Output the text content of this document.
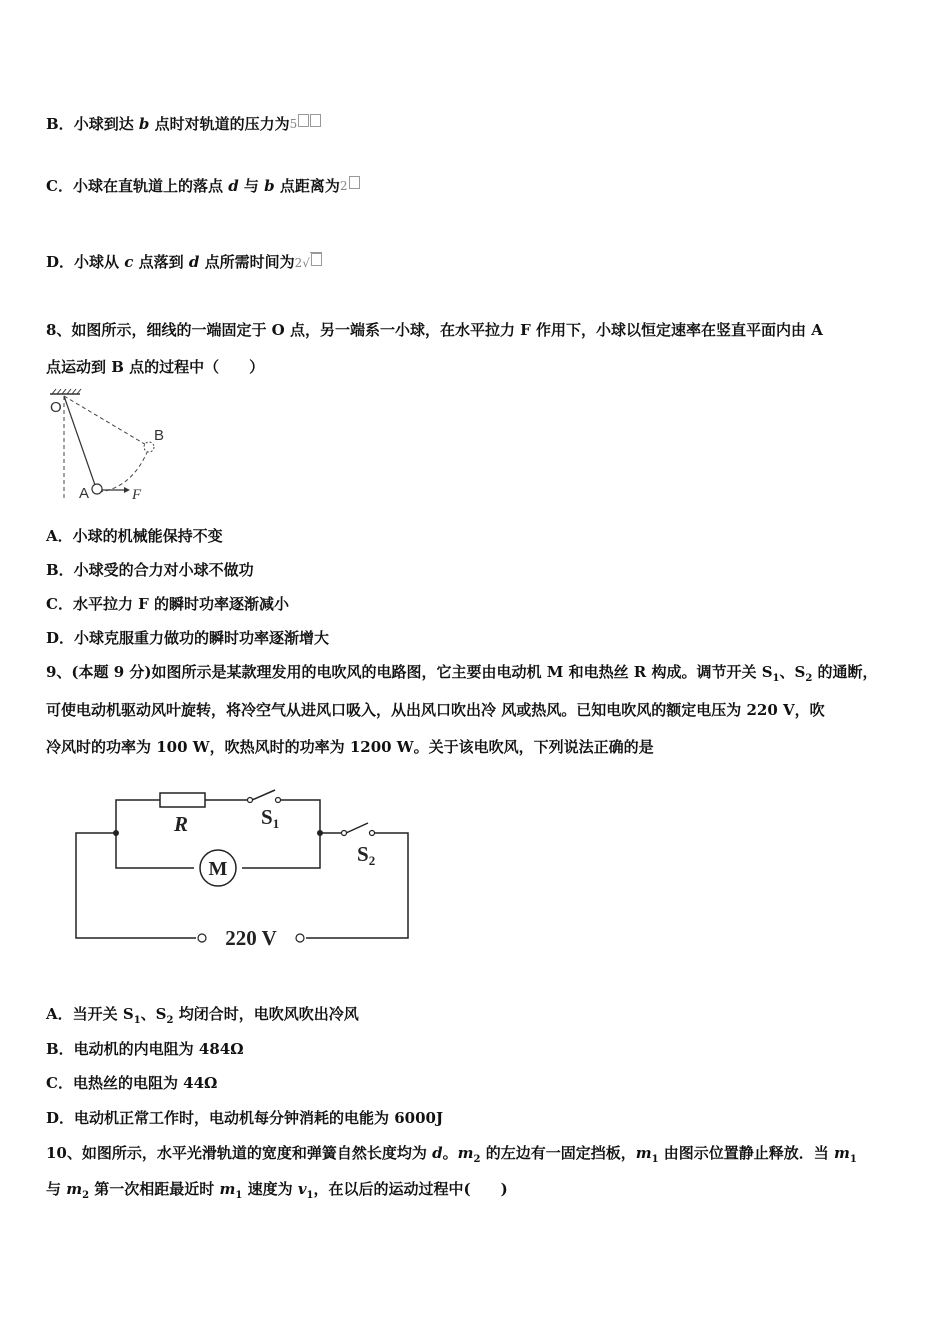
B．小球到达 b 点时对轨道的压力为5
C．小球在直轨道上的落点 d 与 b 点距离为2
D．小球从 c 点落到 d 点所需时间为2√
8、如图所示，细线的一端固定于 O 点，另一端系一小球，在水平拉力 F 作用下，小球以恒定速率在竖直平面内由 A
点运动到 B 点的过程中（　　）
O
A
B
F
A．小球的机械能保持不变
B．小球受的合力对小球不做功
C．水平拉力 F 的瞬时功率逐渐减小
D．小球克服重力做功的瞬时功率逐渐增大
9、(本题 9 分)如图所示是某款理发用的电吹风的电路图，它主要由电动机 M 和电热丝 R 构成。调节开关 $S_1$、$S_2$ 的通断，
可使电动机驱动风叶旋转，将冷空气从进风口吸入，从出风口吹出冷 风或热风。已知电吹风的额定电压为 220 V，吹
冷风时的功率为 100 W，吹热风时的功率为 1200 W。关于该电吹风，下列说法正确的是
R	S1
S2
M
220 V
A．当开关 $S_1$、$S_2$ 均闭合时，电吹风吹出冷风
B．电动机的内电阻为 484Ω
C．电热丝的电阻为 44Ω
D．电动机正常工作时，电动机每分钟消耗的电能为 6000J
10、如图所示，水平光滑轨道的宽度和弹簧自然长度均为 d。$m_2$ 的左边有一固定挡板，$m_1$ 由图示位置静止释放．当 $m_1$
与 $m_2$ 第一次相距最近时 $m_1$ 速度为 $v_1$，在以后的运动过程中(　　)
